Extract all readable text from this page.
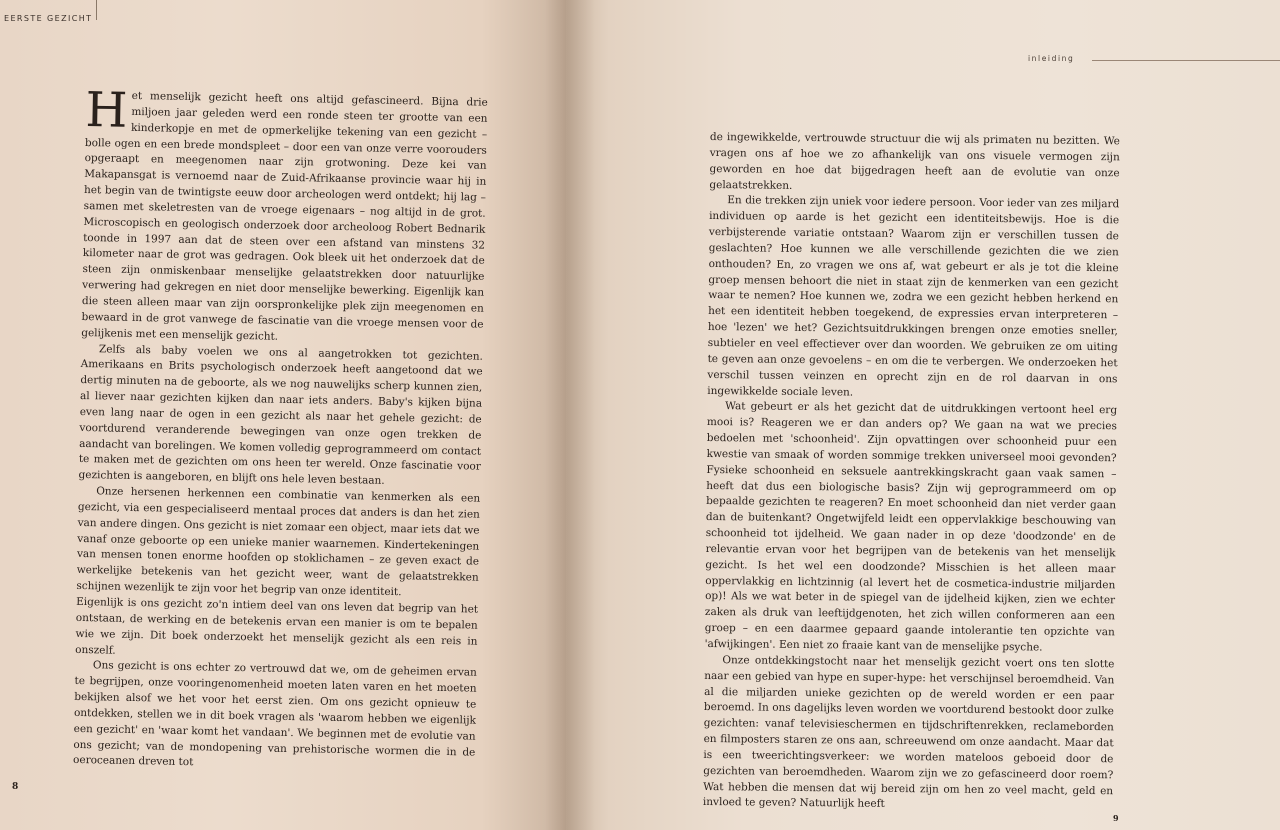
EERSTE GEZICHT

Het menselijk gezicht heeft ons altijd gefascineerd. Bijna drie miljoen jaar geleden werd een ronde steen ter grootte van een kinderkopje en met de opmerkelijke tekening van een gezicht – bolle ogen en een brede mondspleet – door een van onze verre voorouders opgeraapt en meegenomen naar zijn grotwoning. Deze kei van Makapansgat is vernoemd naar de Zuid-Afrikaanse provincie waar hij in het begin van de twintigste eeuw door archeologen werd ontdekt; hij lag – samen met skeletresten van de vroege eigenaars – nog altijd in de grot. Microscopisch en geologisch onderzoek door archeoloog Robert Bednarik toonde in 1997 aan dat de steen over een afstand van minstens 32 kilometer naar de grot was gedragen. Ook bleek uit het onderzoek dat de steen zijn onmiskenbaar menselijke gelaatstrekken door natuurlijke verwering had gekregen en niet door menselijke bewerking. Eigenlijk kan die steen alleen maar van zijn oorspronkelijke plek zijn meegenomen en bewaard in de grot vanwege de fascinatie van die vroege mensen voor de gelijkenis met een menselijk gezicht.

Zelfs als baby voelen we ons al aangetrokken tot gezichten. Amerikaans en Brits psychologisch onderzoek heeft aangetoond dat we dertig minuten na de geboorte, als we nog nauwelijks scherp kunnen zien, al liever naar gezichten kijken dan naar iets anders. Baby's kijken bijna even lang naar de ogen in een gezicht als naar het gehele gezicht: de voortdurend veranderende bewegingen van onze ogen trekken de aandacht van borelingen. We komen volledig geprogrammeerd om contact te maken met de gezichten om ons heen ter wereld. Onze fascinatie voor gezichten is aangeboren, en blijft ons hele leven bestaan.

Onze hersenen herkennen een combinatie van kenmerken als een gezicht, via een gespecialiseerd mentaal proces dat anders is dan het zien van andere dingen. Ons gezicht is niet zomaar een object, maar iets dat we vanaf onze geboorte op een unieke manier waarnemen. Kindertekeningen van mensen tonen enorme hoofden op stoklichamen – ze geven exact de werkelijke betekenis van het gezicht weer, want de gelaatstrekken schijnen wezenlijk te zijn voor het begrip van onze identiteit.

Eigenlijk is ons gezicht zo'n intiem deel van ons leven dat begrip van het ontstaan, de werking en de betekenis ervan een manier is om te bepalen wie we zijn. Dit boek onderzoekt het menselijk gezicht als een reis in onszelf.

Ons gezicht is ons echter zo vertrouwd dat we, om de geheimen ervan te begrijpen, onze vooringenomenheid moeten laten varen en het moeten bekijken alsof we het voor het eerst zien. Om ons gezicht opnieuw te ontdekken, stellen we in dit boek vragen als 'waarom hebben we eigenlijk een gezicht' en 'waar komt het vandaan'. We beginnen met de evolutie van ons gezicht; van de mondopening van prehistorische wormen die in de oeroceanen dreven tot

8
inleiding

de ingewikkelde, vertrouwde structuur die wij als primaten nu bezitten. We vragen ons af hoe we zo afhankelijk van ons visuele vermogen zijn geworden en hoe dat bijgedragen heeft aan de evolutie van onze gelaatstrekken.

En die trekken zijn uniek voor iedere persoon. Voor ieder van zes miljard individuen op aarde is het gezicht een identiteitsbewijs. Hoe is die verbijsterende variatie ontstaan? Waarom zijn er verschillen tussen de geslachten? Hoe kunnen we alle verschillende gezichten die we zien onthouden? En, zo vragen we ons af, wat gebeurt er als je tot die kleine groep mensen behoort die niet in staat zijn de kenmerken van een gezicht waar te nemen? Hoe kunnen we, zodra we een gezicht hebben herkend en het een identiteit hebben toegekend, de expressies ervan interpreteren – hoe 'lezen' we het? Gezichtsuitdrukkingen brengen onze emoties sneller, subtieler en veel effectiever over dan woorden. We gebruiken ze om uiting te geven aan onze gevoelens – en om die te verbergen. We onderzoeken het verschil tussen veinzen en oprecht zijn en de rol daarvan in ons ingewikkelde sociale leven.

Wat gebeurt er als het gezicht dat de uitdrukkingen vertoont heel erg mooi is? Reageren we er dan anders op? We gaan na wat we precies bedoelen met 'schoonheid'. Zijn opvattingen over schoonheid puur een kwestie van smaak of worden sommige trekken universeel mooi gevonden? Fysieke schoonheid en seksuele aantrekkingskracht gaan vaak samen – heeft dat dus een biologische basis? Zijn wij geprogrammeerd om op bepaalde gezichten te reageren? En moet schoonheid dan niet verder gaan dan de buitenkant? Ongetwijfeld leidt een oppervlakkige beschouwing van schoonheid tot ijdelheid. We gaan nader in op deze 'doodzonde' en de relevantie ervan voor het begrijpen van de betekenis van het menselijk gezicht. Is het wel een doodzonde? Misschien is het alleen maar oppervlakkig en lichtzinnig (al levert het de cosmetica-industrie miljarden op)! Als we wat beter in de spiegel van de ijdelheid kijken, zien we echter zaken als druk van leeftijdgenoten, het zich willen conformeren aan een groep – en een daarmee gepaard gaande intolerantie ten opzichte van 'afwijkingen'. Een niet zo fraaie kant van de menselijke psyche.

Onze ontdekkingstocht naar het menselijk gezicht voert ons ten slotte naar een gebied van hype en super-hype: het verschijnsel beroemdheid. Van al die miljarden unieke gezichten op de wereld worden er een paar beroemd. In ons dagelijks leven worden we voortdurend bestookt door zulke gezichten: vanaf televisieschermen en tijdschriftenrekken, reclameborden en filmposters staren ze ons aan, schreeuwend om onze aandacht. Maar dat is een tweerichtingsverkeer: we worden mateloos geboeid door de gezichten van beroemdheden. Waarom zijn we zo gefascineerd door roem? Wat hebben die mensen dat wij bereid zijn om hen zo veel macht, geld en invloed te geven? Natuurlijk heeft

9
